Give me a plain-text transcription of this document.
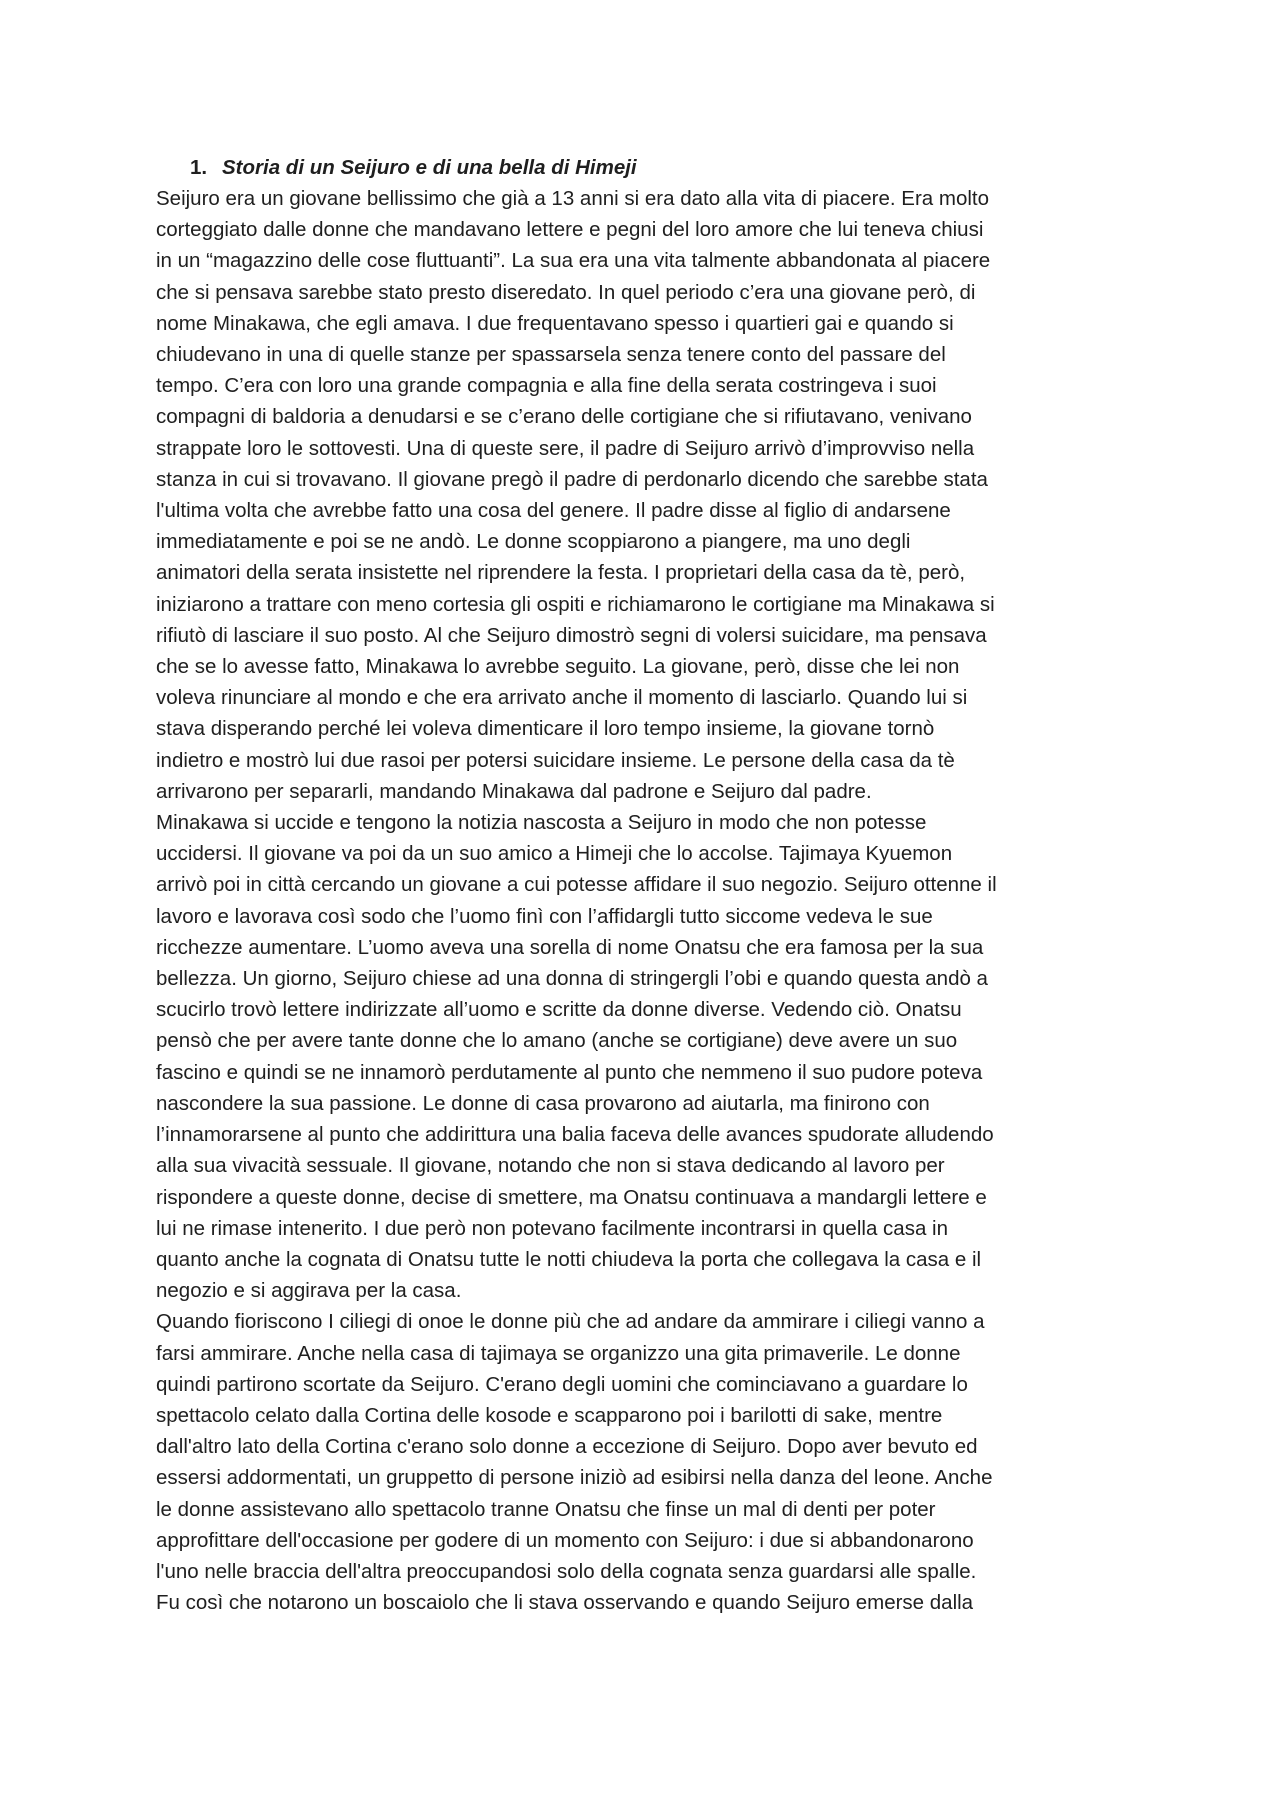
1. Storia di un Seijuro e di una bella di Himeji
Seijuro era un giovane bellissimo che già a 13 anni si era dato alla vita di piacere. Era molto
corteggiato dalle donne che mandavano lettere e pegni del loro amore che lui teneva chiusi
in un “magazzino delle cose fluttuanti”. La sua era una vita talmente abbandonata al piacere
che si pensava sarebbe stato presto diseredato. In quel periodo c’era una giovane però, di
nome Minakawa, che egli amava. I due frequentavano spesso i quartieri gai e quando si
chiudevano in una di quelle stanze per spassarsela senza tenere conto del passare del
tempo. C’era con loro una grande compagnia e alla fine della serata costringeva i suoi
compagni di baldoria a denudarsi e se c’erano delle cortigiane che si rifiutavano, venivano
strappate loro le sottovesti. Una di queste sere, il padre di Seijuro arrivò d’improvviso nella
stanza in cui si trovavano. Il giovane pregò il padre di perdonarlo dicendo che sarebbe stata
l'ultima volta che avrebbe fatto una cosa del genere. Il padre disse al figlio di andarsene
immediatamente e poi se ne andò. Le donne scoppiarono a piangere, ma uno degli
animatori della serata insistette nel riprendere la festa. I proprietari della casa da tè, però,
iniziarono a trattare con meno cortesia gli ospiti e richiamarono le cortigiane ma Minakawa si
rifiutò di lasciare il suo posto. Al che Seijuro dimostrò segni di volersi suicidare, ma pensava
che se lo avesse fatto, Minakawa lo avrebbe seguito. La giovane, però, disse che lei non
voleva rinunciare al mondo e che era arrivato anche il momento di lasciarlo. Quando lui si
stava disperando perché lei voleva dimenticare il loro tempo insieme, la giovane tornò
indietro e mostrò lui due rasoi per potersi suicidare insieme. Le persone della casa da tè
arrivarono per separarli, mandando Minakawa dal padrone e Seijuro dal padre.
Minakawa si uccide e tengono la notizia nascosta a Seijuro in modo che non potesse
uccidersi. Il giovane va poi da un suo amico a Himeji che lo accolse. Tajimaya Kyuemon
arrivò poi in città cercando un giovane a cui potesse affidare il suo negozio. Seijuro ottenne il
lavoro e lavorava così sodo che l’uomo finì con l’affidargli tutto siccome vedeva le sue
ricchezze aumentare. L’uomo aveva una sorella di nome Onatsu che era famosa per la sua
bellezza. Un giorno, Seijuro chiese ad una donna di stringergli l’obi e quando questa andò a
scucirlo trovò lettere indirizzate all’uomo e scritte da donne diverse. Vedendo ciò. Onatsu
pensò che per avere tante donne che lo amano (anche se cortigiane) deve avere un suo
fascino e quindi se ne innamorò perdutamente al punto che nemmeno il suo pudore poteva
nascondere la sua passione. Le donne di casa provarono ad aiutarla, ma finirono con
l’innamorarsene al punto che addirittura una balia faceva delle avances spudorate alludendo
alla sua vivacità sessuale. Il giovane, notando che non si stava dedicando al lavoro per
rispondere a queste donne, decise di smettere, ma Onatsu continuava a mandargli lettere e
lui ne rimase intenerito. I due però non potevano facilmente incontrarsi in quella casa in
quanto anche la cognata di Onatsu tutte le notti chiudeva la porta che collegava la casa e il
negozio e si aggirava per la casa.
Quando fioriscono I ciliegi di onoe le donne più che ad andare da ammirare i ciliegi vanno a
farsi ammirare. Anche nella casa di tajimaya se organizzo una gita primaverile. Le donne
quindi partirono scortate da Seijuro. C'erano degli uomini che cominciavano a guardare lo
spettacolo celato dalla Cortina delle kosode e scapparono poi i barilotti di sake, mentre
dall'altro lato della Cortina c'erano solo donne a eccezione di Seijuro. Dopo aver bevuto ed
essersi addormentati, un gruppetto di persone iniziò ad esibirsi nella danza del leone. Anche
le donne assistevano allo spettacolo tranne Onatsu che finse un mal di denti per poter
approfittare dell'occasione per godere di un momento con Seijuro: i due si abbandonarono
l'uno nelle braccia dell'altra preoccupandosi solo della cognata senza guardarsi alle spalle.
Fu così che notarono un boscaiolo che li stava osservando e quando Seijuro emerse dalla
